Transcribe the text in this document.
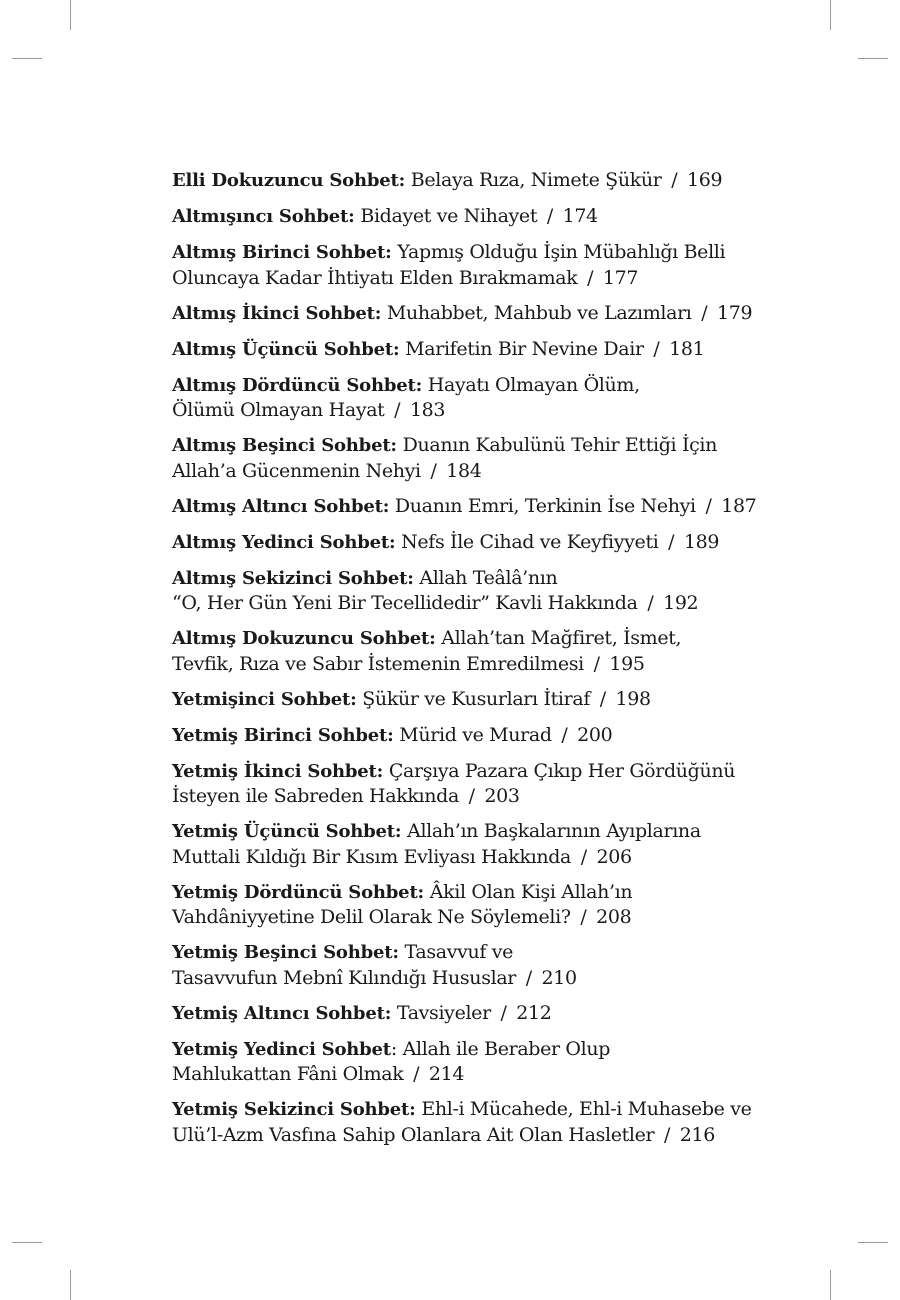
Elli Dokuzuncu Sohbet: Belaya Rıza, Nimete Şükür / 169
Altmışıncı Sohbet: Bidayet ve Nihayet / 174
Altmış Birinci Sohbet: Yapmış Olduğu İşin Mübahlığı Belli
Oluncaya Kadar İhtiyatı Elden Bırakmamak / 177
Altmış İkinci Sohbet: Muhabbet, Mahbub ve Lazımları / 179
Altmış Üçüncü Sohbet: Marifetin Bir Nevine Dair / 181
Altmış Dördüncü Sohbet: Hayatı Olmayan Ölüm,
Ölümü Olmayan Hayat / 183
Altmış Beşinci Sohbet: Duanın Kabulünü Tehir Ettiği İçin
Allah’a Gücenmenin Nehyi / 184
Altmış Altıncı Sohbet: Duanın Emri, Terkinin İse Nehyi / 187
Altmış Yedinci Sohbet: Nefs İle Cihad ve Keyfiyyeti / 189
Altmış Sekizinci Sohbet: Allah Teâlâ’nın
“O, Her Gün Yeni Bir Tecellidedir” Kavli Hakkında / 192
Altmış Dokuzuncu Sohbet: Allah’tan Mağfiret, İsmet,
Tevfik, Rıza ve Sabır İstemenin Emredilmesi / 195
Yetmişinci Sohbet: Şükür ve Kusurları İtiraf / 198
Yetmiş Birinci Sohbet: Mürid ve Murad / 200
Yetmiş İkinci Sohbet: Çarşıya Pazara Çıkıp Her Gördüğünü
İsteyen ile Sabreden Hakkında / 203
Yetmiş Üçüncü Sohbet: Allah’ın Başkalarının Ayıplarına
Muttali Kıldığı Bir Kısım Evliyası Hakkında / 206
Yetmiş Dördüncü Sohbet: Âkil Olan Kişi Allah’ın
Vahdâniyyetine Delil Olarak Ne Söylemeli? / 208
Yetmiş Beşinci Sohbet: Tasavvuf ve
Tasavvufun Mebnî Kılındığı Hususlar / 210
Yetmiş Altıncı Sohbet: Tavsiyeler / 212
Yetmiş Yedinci Sohbet: Allah ile Beraber Olup
Mahlukattan Fâni Olmak / 214
Yetmiş Sekizinci Sohbet: Ehl-i Mücahede, Ehl-i Muhasebe ve
Ulü’l-Azm Vasfına Sahip Olanlara Ait Olan Hasletler / 216
